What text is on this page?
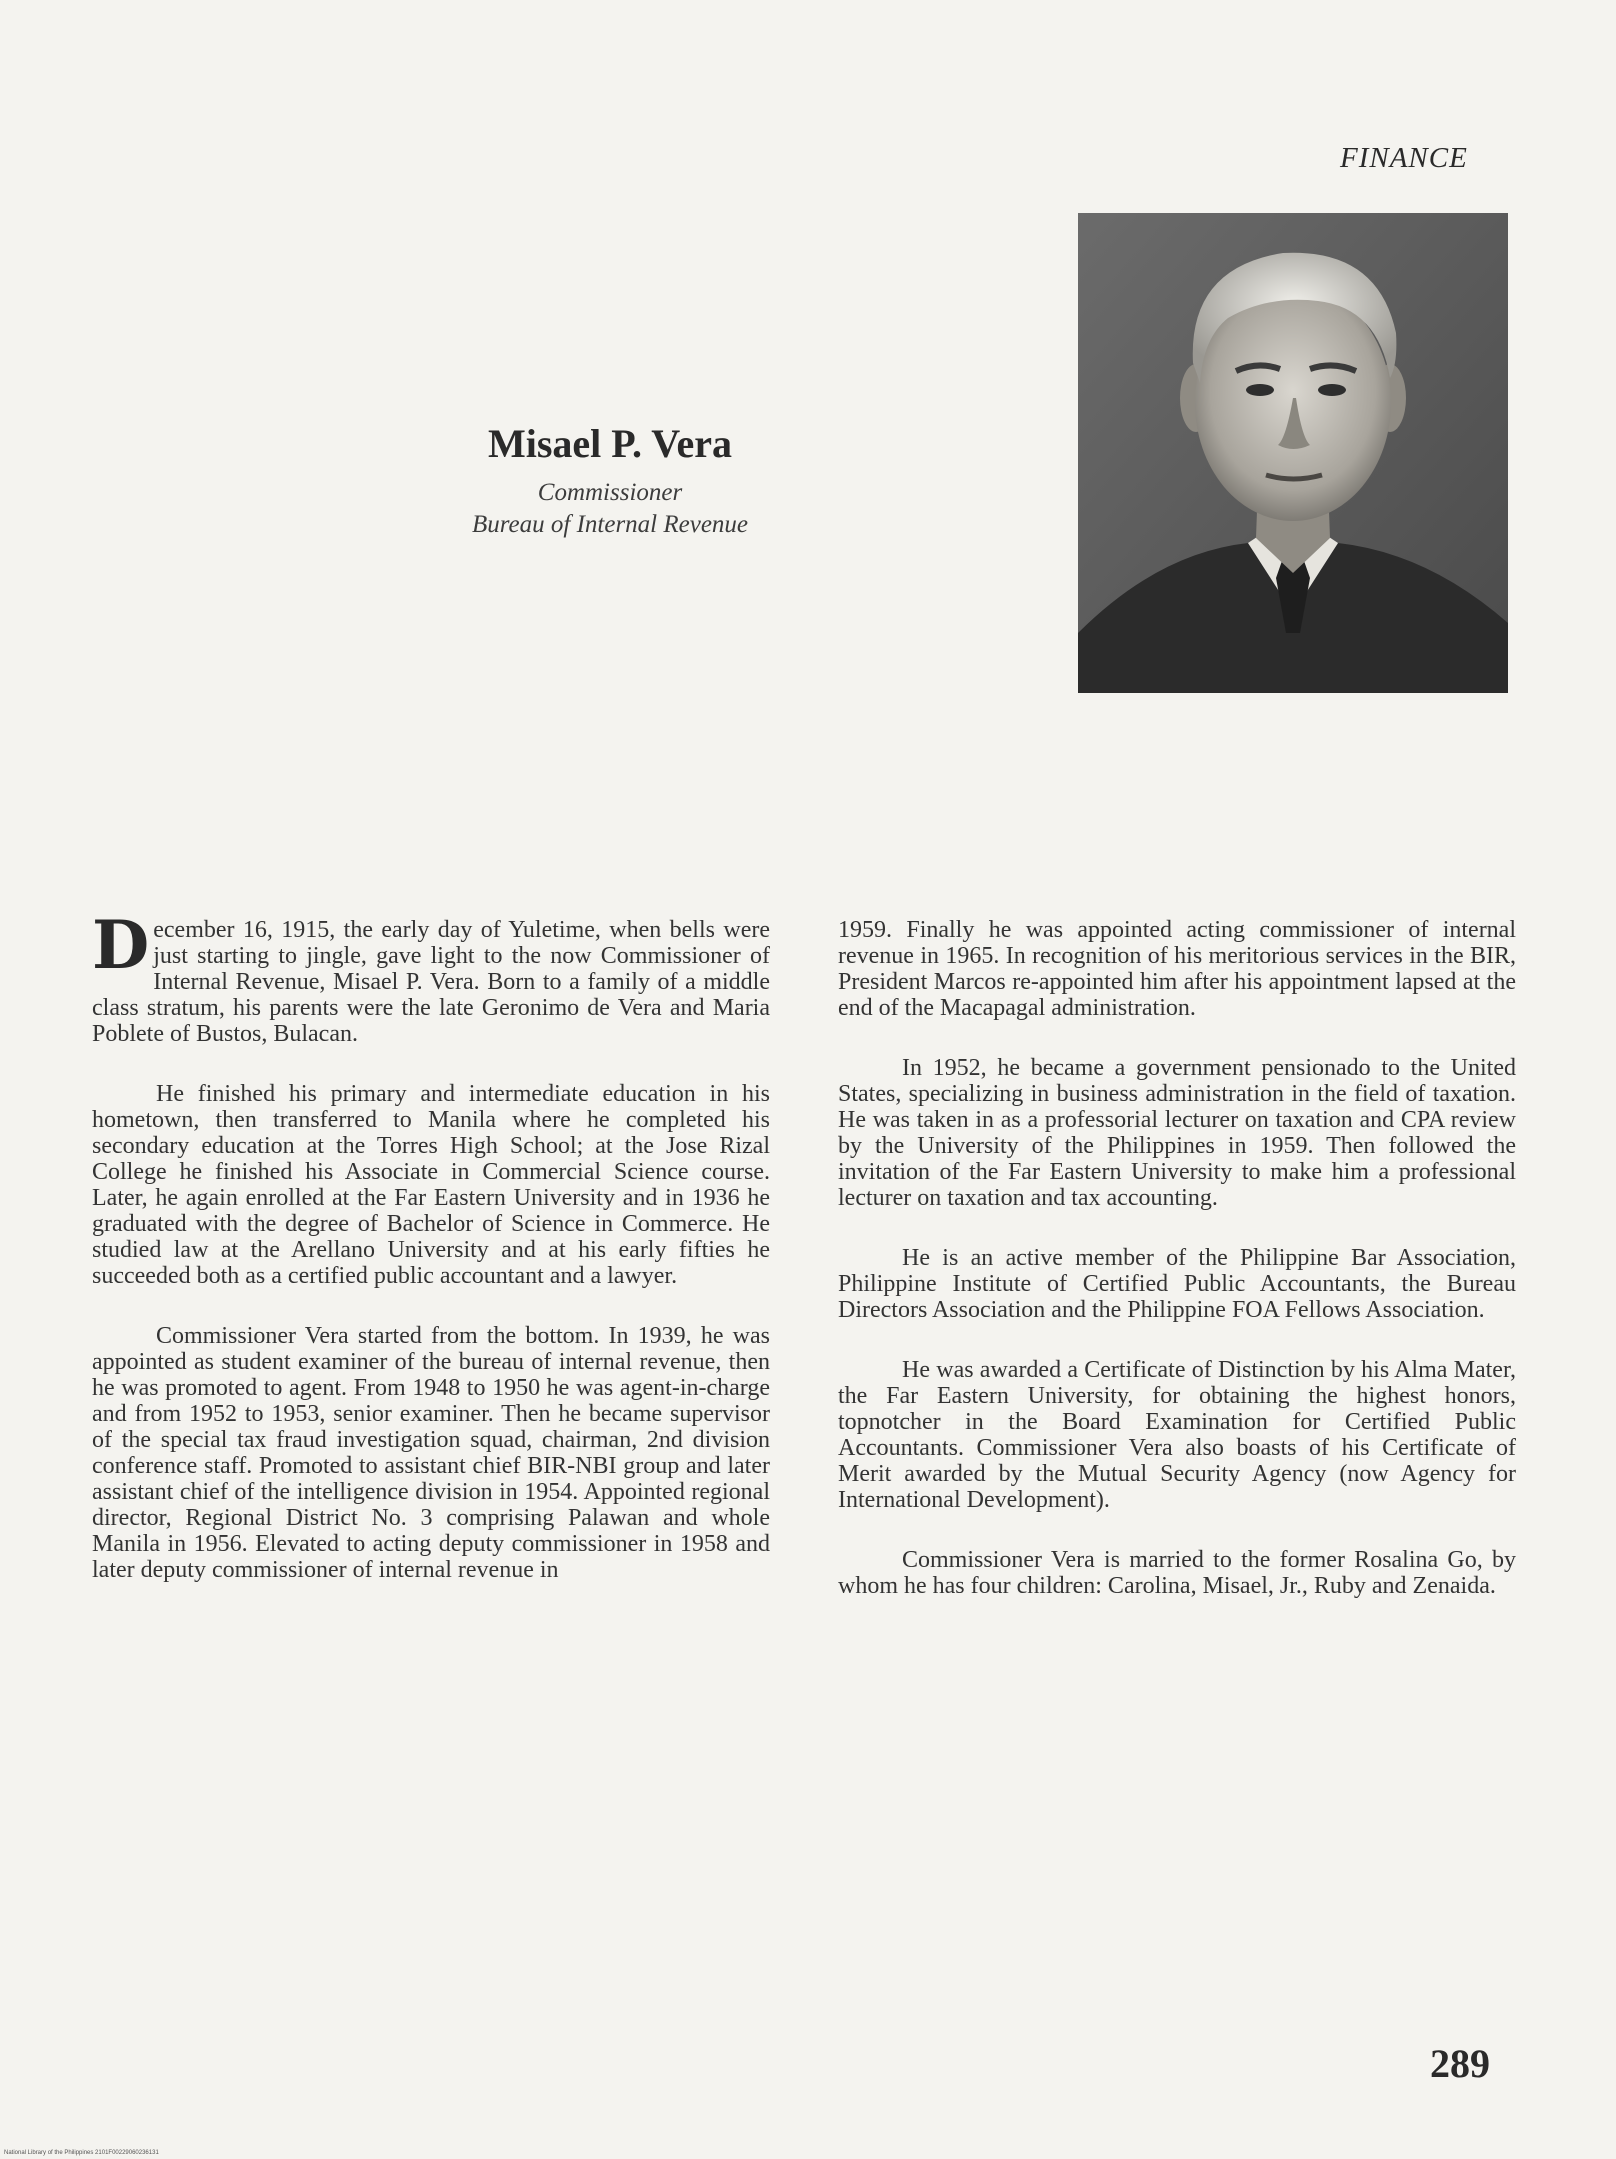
FINANCE
Misael P. Vera
Commissioner
Bureau of Internal Revenue

December 16, 1915, the early day of Yuletime, when bells were just starting to jingle, gave light to the now Commissioner of Internal Revenue, Misael P. Vera. Born to a family of a middle class stratum, his parents were the late Geronimo de Vera and Maria Poblete of Bustos, Bulacan.

He finished his primary and intermediate education in his hometown, then transferred to Manila where he completed his secondary education at the Torres High School; at the Jose Rizal College he finished his Associate in Commercial Science course. Later, he again enrolled at the Far Eastern University and in 1936 he graduated with the degree of Bachelor of Science in Commerce. He studied law at the Arellano University and at his early fifties he succeeded both as a certified public accountant and a lawyer.

Commissioner Vera started from the bottom. In 1939, he was appointed as student examiner of the bureau of internal revenue, then he was promoted to agent. From 1948 to 1950 he was agent-in-charge and from 1952 to 1953, senior examiner. Then he became supervisor of the special tax fraud investigation squad, chairman, 2nd division conference staff. Promoted to assistant chief BIR-NBI group and later assistant chief of the intelligence division in 1954. Appointed regional director, Regional District No. 3 comprising Palawan and whole Manila in 1956. Elevated to acting deputy commissioner in 1958 and later deputy commissioner of internal revenue in

1959. Finally he was appointed acting commissioner of internal revenue in 1965. In recognition of his meritorious services in the BIR, President Marcos re-appointed him after his appointment lapsed at the end of the Macapagal administration.

In 1952, he became a government pensionado to the United States, specializing in business administration in the field of taxation. He was taken in as a professorial lecturer on taxation and CPA review by the University of the Philippines in 1959. Then followed the invitation of the Far Eastern University to make him a professional lecturer on taxation and tax accounting.

He is an active member of the Philippine Bar Association, Philippine Institute of Certified Public Accountants, the Bureau Directors Association and the Philippine FOA Fellows Association.

He was awarded a Certificate of Distinction by his Alma Mater, the Far Eastern University, for obtaining the highest honors, topnotcher in the Board Examination for Certified Public Accountants. Commissioner Vera also boasts of his Certificate of Merit awarded by the Mutual Security Agency (now Agency for International Development).

Commissioner Vera is married to the former Rosalina Go, by whom he has four children: Carolina, Misael, Jr., Ruby and Zenaida.

289
National Library of the Philippines 2101F00229060236131
